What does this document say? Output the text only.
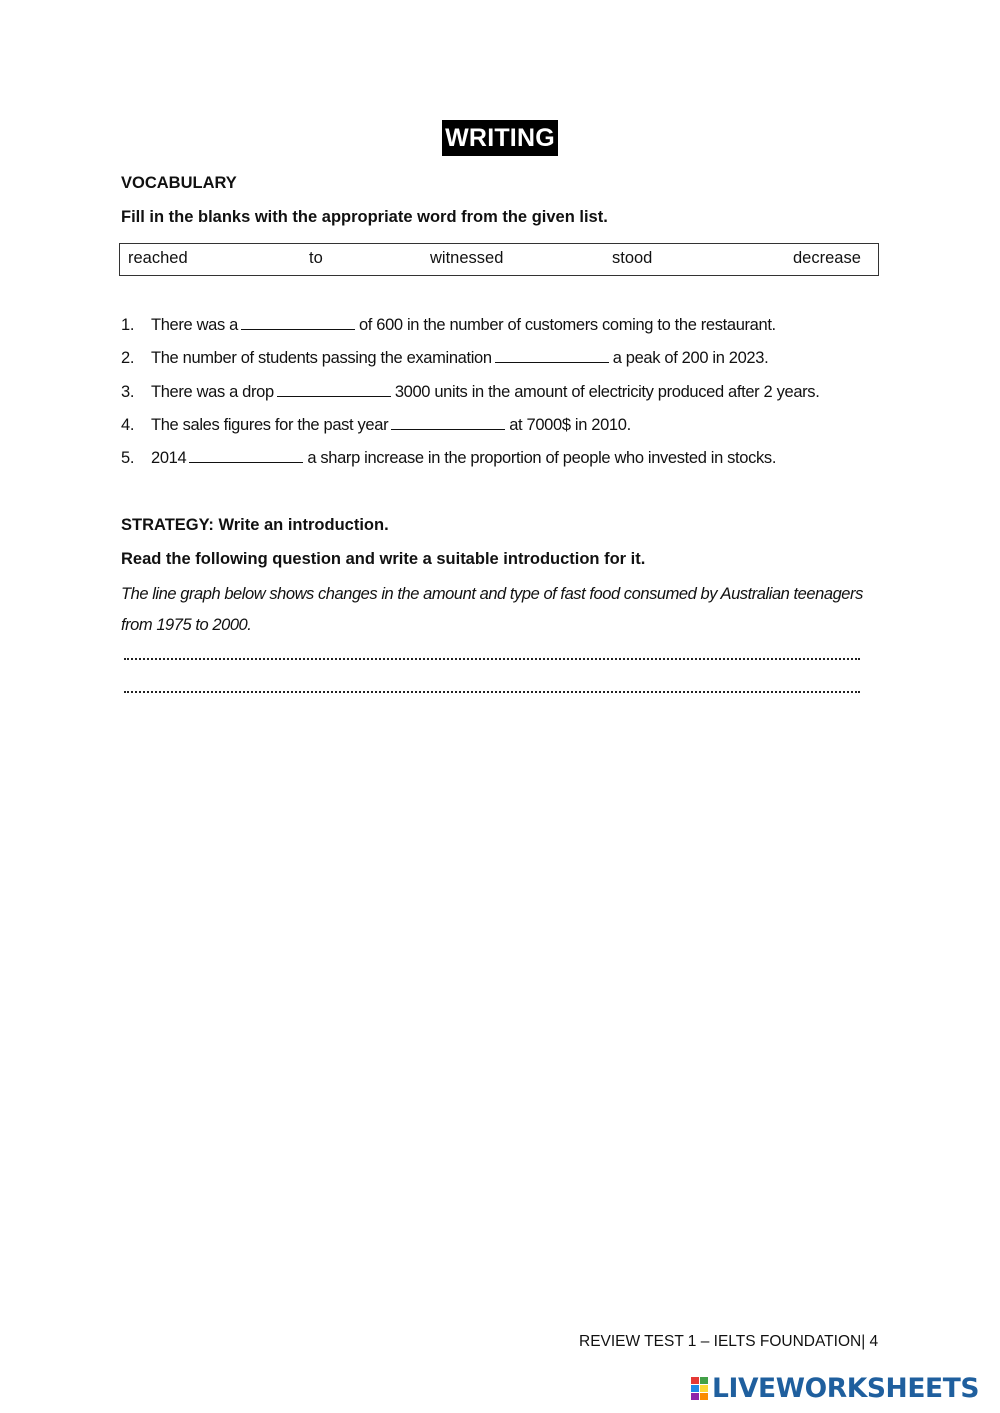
WRITING
VOCABULARY
Fill in the blanks with the appropriate word from the given list.
reached	to	witnessed	stood	decrease
1. There was a	of 600 in the number of customers coming to the restaurant.
2. The number of students passing the examination	a peak of 200 in 2023.
3. There was a drop	3000 units in the amount of electricity produced after 2 years.
4. The sales figures for the past year	at 7000$ in 2010.
5. 2014	a sharp increase in the proportion of people who invested in stocks.
STRATEGY: Write an introduction.
Read the following question and write a suitable introduction for it.
The line graph below shows changes in the amount and type of fast food consumed by Australian teenagers from 1975 to 2000.
REVIEW TEST 1 – IELTS FOUNDATION| 4
LIVEWORKSHEETS
